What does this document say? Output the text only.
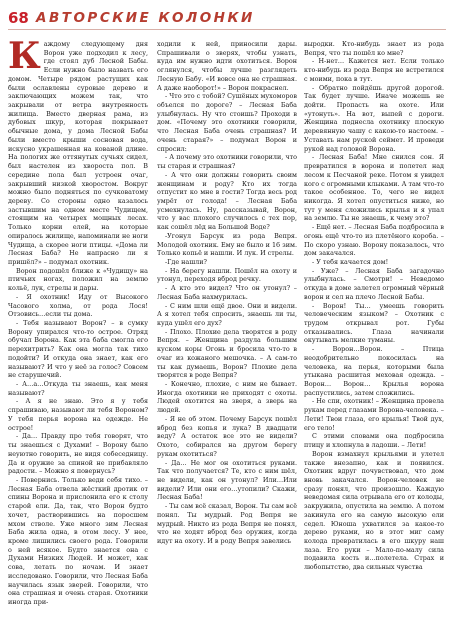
68 АВТОРСКИЕ КОЛОНКИ

Каждому следующему дня Ворон уже подходил к лесу, где стоял дуб Лесной Бабы. Если нужно было назвать его домом. Четыре рядом растущих как были ославлены суровые дерево и заключающих можем так, что закрывали от ветра внутренность жилища. Вместо дверная рама, из дубовых шкур, которая покрывает обычные дома, у дома Лесной Бабы были вместо крыши сосновая вода, искусно украшенная на кованой длине. На пологих же оттянутых сучьях сидел, был настелен из хвороста пол. В середине пола был устроен очаг, закрывший низкой хворостом. Вокруг можно было подняться по сучковатому дереву. Со стороны одно казалось застывшим на одном месте Чудищем, стоящим на четырех мощных лесах. Только корни елей, на которые опиралось жилище, напоминали не ноги Чудища, а скорее ноги птицы. «Дома ли Лесная Баба? Не напрасно ли я пришёл?» – подумал охотник.

Ворон подошёл ближе к «Чудищу» на птичьих ногах, положил на землю кольё, лук, стрелы и дары.

- Я охотник! Иду от Высокого Часового холма, от рода Лося! Отзовись…если ты дома.

- Тебя называют Ворон? – в сумку Ворону упирался что-то острое. Отряд обучал Ворона. Как эта баба смогла его перехитрить? Как она могла так тихо подойти? И откуда она знает, как его называют? И что у неё за голос? Совсем не старушечий.

- А…а…Откуда ты знаешь, как меня называют?

- А я не знаю. Это я у тебя спрашиваю, называют ли тебя Вороном? У тебя перья ворона на одежде. Не острое!

- Да… Правду про тебя говорят, что ты знаешься с Духами! – Ворону было неуютно говорить, не видя собеседницу. Да и оружие за спиной не прибавляло радости. – Можно я повернусь?

- Повернись. Только веди себя тихо. – Лесная Баба отвела жёсткий дротик от спины Ворона и прислонила его к столу старой ели. Да, так, что Ворон будто хочет, растворившись на поросшем мхом стволе. Уже много зим Лесная Баба жила одна, в отом лесу. У нее, кроме лишились своего рода. Говорили о ней всякое. Будто знается она с Духами Низких Людей. И может, как сова, летать по ночам. И знает исследовано. Говорили, что Лесная Баба научилась язык зверей. Говорили, что она страшная и очень старая. Охотники иногда при-

ходили к ней, приносили дары. Спрашивали о зверях, чтобы узнать, куда им нужно идти охотиться. Ворон оглянулся, чтобы лучше разглядеть Лесную Бабу. «И вовсе она не страшная. А даже наоборот!» – Ворон покраснел.

- Что это с тобой? Сушёных мухоморов объелся по дороге? – Лесная Баба улыбнулась. Ну что стоишь? Проходи в дом. «Почему это охотники говорили, что Лесная Баба очень страшная? И очень старая?» – подумал Ворон и спросил:

- А почему это охотники говорили, что ты старая и страшная?

- А что они должны говорить своим женщинам и роду? Кто их тогда отпустит ко мне в гости? Тогда весь род умрёт от голода! – Лесная Баба усмехнулась. Ну, рассказывай, Ворон, что у вас плохого случилось с тех пор, как сошёл лёд на Большой Воде?

-Угонул Барсук из рода Вепря. Молодой охотник. Ему не было и 16 зим. Только копьё и нашли. И лук. И стрелы.

-Где нашли?

- На берегу нашли. Пошёл на охоту и утонул, переходя вброд речку.

- А кто это видел? Что он утонул? – Лесная Баба нахмурилась.

- С ним шли ещё двое. Они и видели. А я хотел тебя спросить, знаешь ли ты, куда ушёл его дух?

- Плохо. Плохие дела творятся в роду Вепря. – Женщина раздула большим куском коры Огонь и бросила что-то в очаг из кожаного мешочка. – А сам-то ты как думаешь, Ворон? Плохие дела творятся в роде Вепря?

- Конечно, плохие, с ним не бывает. Иногда охотники не приходят с охоты. Людей охотится на зверя, а зверь на людей.

- Я не об этом. Почему Барсук пошёл вброд без копья и лука? В двадцати веду? А остаток все это не видели? Охото, собирался на другом берегу рукам охотиться?

- Да… Не мог он охотиться руками. Так что получается? Те, кто с ним шёл, не видели, как он утонул? Или…Или видели? Или они его…утопили? Скажи, Лесная Баба!

- Ты сам всё сказал, Ворон. Ты сам всё понял. Ты мудрый. Род Вепря не мудрый. Никто из рода Вепря не понял, что не ходят вброд без оружия, когда идут на охоту. И в роду Вепря завелись

выродки. Кто-нибудь знает из рода Вепря, что ты пошёл ко мне?

- Н-нет… Кажется нет. Если только кто-нибудь из рода Вепря не встретился с моими, пока в тут.

- Обратно пойдёшь другой дорогой. Так будет лучше. Иначе можешь не дойти. Пропасть на охоте. Или «утонуть». На вот, выпей с дороги. Женщина поднесла охотнику плоскую деревянную чашу с какою-то настоем. – Уставать нам руской сеймет. И проведи рукой над головой Ворона.

- Лесная Баба! Мне снился сон. Я превратился в ворона и полетел над лесом к Песчаной реке. Потом я увидел кого с огромными клыками. А там что-то такое особенное. То, чего не видел никогда. Я хотел опуститься ниже, но тут у меня сложились крылья и я упал на землю. Ты не знаешь, к чему это?

- Ещё нет. – Лесная Баба подбросила в огонь ещё что-то из плетёного короба. – По скоро узнаю. Ворону показалось, что дом закачался.

- У тебя качается дом!

- Уже? – Лесная Баба загадочно улыбнулась. – Смотри! – Неведомо откуда в доме залетел огромный чёрный ворон и сел на плечо Лесной Бабы.

- Ворон! Ты… умеешь говорить человеческим языком? – Охотник с трудом открывал рот. Губы отказывались. Глаза начинали окутывать мелкие туманы.

- Ворон…Ворон. – Птица неодобрительно покосилась на человека, на перья, которыми была утыкана расшитая меховая одежда. – Ворон… Ворон… Крылья ворона распустились, затем сложились.

- Не спи, охотник! – Женщина провела рукам перед глазами Ворона-человека. – Лети! Твои глаза, его крылья! Твой дух, его тело!

С этими словами она подбросила птицу и хлопнула в ладоши. – Лети!

Ворон взмахнул крыльями и улетел также внезапно, как и появился. Охотник вдруг почувствовал, что дом вновь закачался. Ворон-человек не сразу понял, что произошло. Каждую неведомая сила отрывала его от колоды, закружила, опустила на землю. А потом закинула его на самую высокую ели седел. Юноша ухватился за какое-то дерево руками, но в этот миг саму колода превратилась в его шкуру наш лаза. Его руки – Мало-по-малу сила подавила кость и…полетела. Страх и любопытство, два сильных чувства
